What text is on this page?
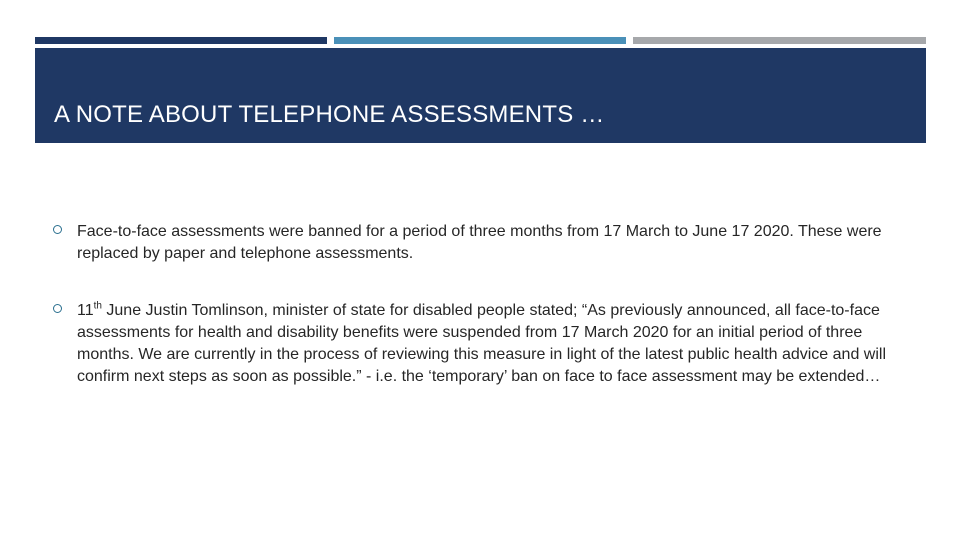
A NOTE ABOUT TELEPHONE ASSESSMENTS …
Face-to-face assessments were banned for a period of three months from 17 March to June 17 2020. These were replaced by paper and telephone assessments.
11th June Justin Tomlinson, minister of state for disabled people stated; “As previously announced, all face-to-face assessments for health and disability benefits were suspended from 17 March 2020 for an initial period of three months. We are currently in the process of reviewing this measure in light of the latest public health advice and will confirm next steps as soon as possible.” - i.e. the ‘temporary’ ban on face to face assessment may be extended…
